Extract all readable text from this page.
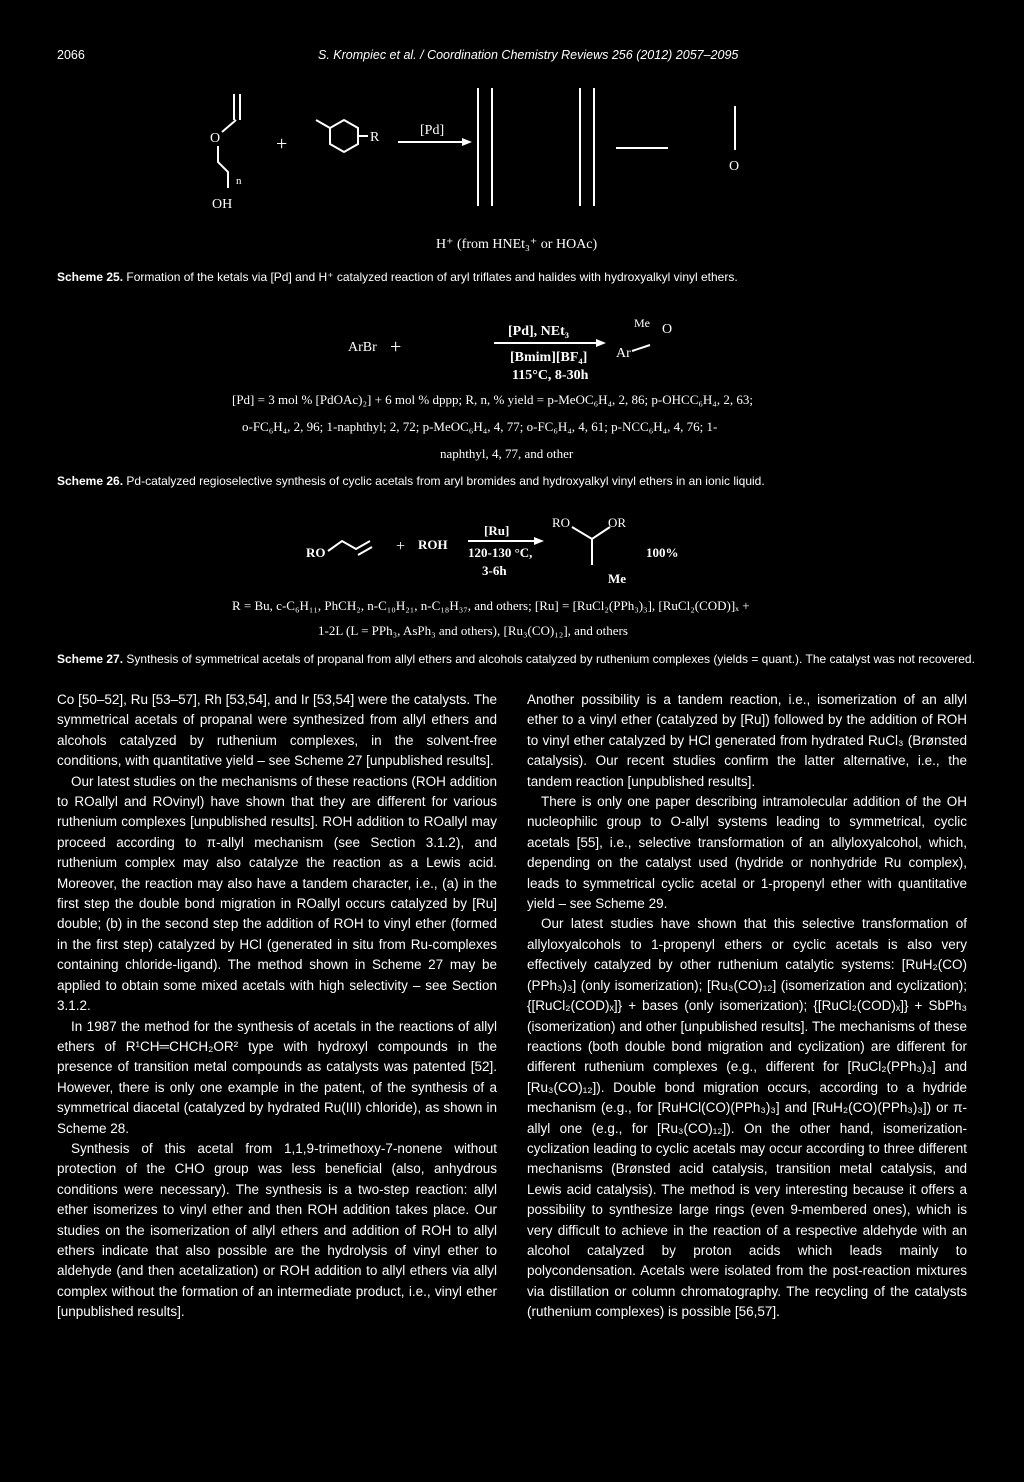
2066	S. Krompiec et al. / Coordination Chemistry Reviews 256 (2012) 2057–2095
O
n
OH
+	R	[Pd]
O
H⁺ (from HNEt₃⁺ or HOAc)
Scheme 25. Formation of the ketals via [Pd] and H⁺ catalyzed reaction of aryl triflates and halides with hydroxyalkyl vinyl ethers.
ArBr +
[Pd], NEt₃
[Bmim][BF₄]
115°C, 8-30h
Me O
Ar
[Pd] = 3 mol % [PdOAc)₂] + 6 mol % dppp; R, n, % yield = p-MeOC₆H₄, 2, 86; p-OHCC₆H₄, 2, 63;
o-FC₆H₄, 2, 96; 1-naphthyl; 2, 72; p-MeOC₆H₄, 4, 77; o-FC₆H₄, 4, 61; p-NCC₆H₄, 4, 76; 1-
naphthyl, 4, 77, and other
Scheme 26. Pd-catalyzed regioselective synthesis of cyclic acetals from aryl bromides and hydroxyalkyl vinyl ethers in an ionic liquid.
RO	+ ROH
[Ru]
120-130 °C,
3-6h
RO	OR
Me
100%
R = Bu, c-C₆H₁₁, PhCH₂, n-C₁₀H₂₁, n-C₁₈H₃₇, and others; [Ru] = [RuCl₂(PPh₃)₃], [RuCl₂(COD)]ₓ +
1-2L (L = PPh₃, AsPh₃ and others), [Ru₃(CO)₁₂], and others
Scheme 27. Synthesis of symmetrical acetals of propanal from allyl ethers and alcohols catalyzed by ruthenium complexes (yields = quant.). The catalyst was not recovered.

Co [50–52], Ru [53–57], Rh [53,54], and Ir [53,54] were the catalysts. The symmetrical acetals of propanal were synthesized from allyl ethers and alcohols catalyzed by ruthenium complexes, in the solvent-free conditions, with quantitative yield – see Scheme 27 [unpublished results].

Our latest studies on the mechanisms of these reactions (ROH addition to ROallyl and ROvinyl) have shown that they are different for various ruthenium complexes [unpublished results]. ROH addition to ROallyl may proceed according to π-allyl mechanism (see Section 3.1.2), and ruthenium complex may also catalyze the reaction as a Lewis acid. Moreover, the reaction may also have a tandem character, i.e., (a) in the first step the double bond migration in ROallyl occurs catalyzed by [Ru] double; (b) in the second step the addition of ROH to vinyl ether (formed in the first step) catalyzed by HCl (generated in situ from Ru-complexes containing chloride-ligand). The method shown in Scheme 27 may be applied to obtain some mixed acetals with high selectivity – see Section 3.1.2.

In 1987 the method for the synthesis of acetals in the reactions of allyl ethers of R¹CH═CHCH₂OR² type with hydroxyl compounds in the presence of transition metal compounds as catalysts was patented [52]. However, there is only one example in the patent, of the synthesis of a symmetrical diacetal (catalyzed by hydrated Ru(III) chloride), as shown in Scheme 28.

Synthesis of this acetal from 1,1,9-trimethoxy-7-nonene without protection of the CHO group was less beneficial (also, anhydrous conditions were necessary). The synthesis is a two-step reaction: allyl ether isomerizes to vinyl ether and then ROH addition takes place. Our studies on the isomerization of allyl ethers and addition of ROH to allyl ethers indicate that also possible are the hydrolysis of vinyl ether to aldehyde (and then acetalization) or ROH addition to allyl ethers via allyl complex without the formation of an intermediate product, i.e., vinyl ether [unpublished results].

Another possibility is a tandem reaction, i.e., isomerization of an allyl ether to a vinyl ether (catalyzed by [Ru]) followed by the addition of ROH to vinyl ether catalyzed by HCl generated from hydrated RuCl₃ (Brønsted catalysis). Our recent studies confirm the latter alternative, i.e., the tandem reaction [unpublished results].

There is only one paper describing intramolecular addition of the OH nucleophilic group to O-allyl systems leading to symmetrical, cyclic acetals [55], i.e., selective transformation of an allyloxyalcohol, which, depending on the catalyst used (hydride or nonhydride Ru complex), leads to symmetrical cyclic acetal or 1-propenyl ether with quantitative yield – see Scheme 29.

Our latest studies have shown that this selective transformation of allyloxyalcohols to 1-propenyl ethers or cyclic acetals is also very effectively catalyzed by other ruthenium catalytic systems: [RuH₂(CO)(PPh₃)₃] (only isomerization); [Ru₃(CO)₁₂] (isomerization and cyclization); {[RuCl₂(COD)ₓ]} + bases (only isomerization); {[RuCl₂(COD)ₓ]} + SbPh₃ (isomerization) and other [unpublished results]. The mechanisms of these reactions (both double bond migration and cyclization) are different for different ruthenium complexes (e.g., different for [RuCl₂(PPh₃)₃] and [Ru₃(CO)₁₂]). Double bond migration occurs, according to a hydride mechanism (e.g., for [RuHCl(CO)(PPh₃)₃] and [RuH₂(CO)(PPh₃)₃]) or π-allyl one (e.g., for [Ru₃(CO)₁₂]). On the other hand, isomerization-cyclization leading to cyclic acetals may occur according to three different mechanisms (Brønsted acid catalysis, transition metal catalysis, and Lewis acid catalysis). The method is very interesting because it offers a possibility to synthesize large rings (even 9-membered ones), which is very difficult to achieve in the reaction of a respective aldehyde with an alcohol catalyzed by proton acids which leads mainly to polycondensation. Acetals were isolated from the post-reaction mixtures via distillation or column chromatography. The recycling of the catalysts (ruthenium complexes) is possible [56,57].
